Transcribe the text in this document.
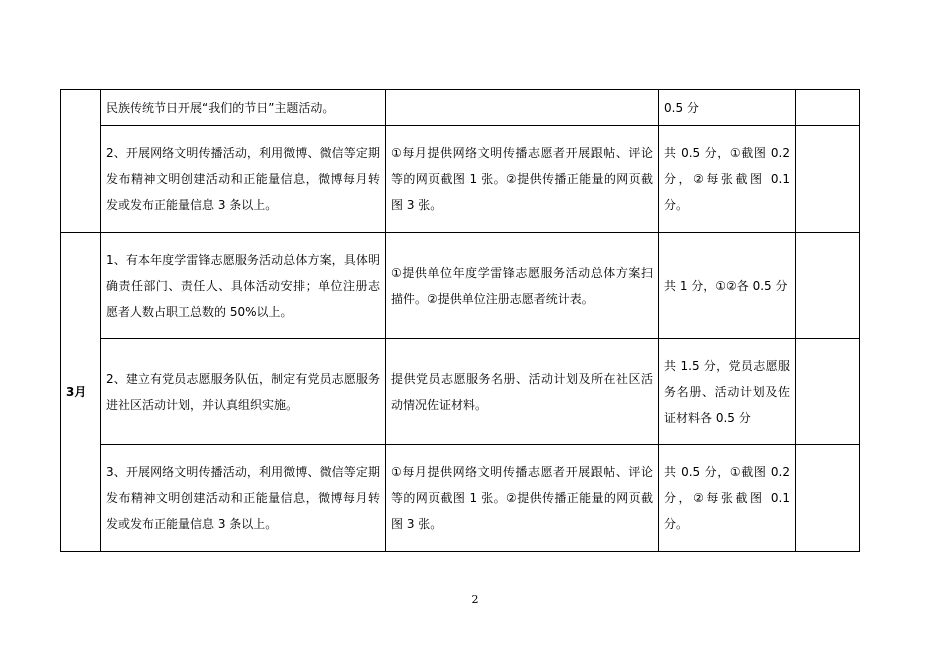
	民族传统节日开展“我们的节日”主题活动。		0.5 分	
	2、开展网络文明传播活动，利用微博、微信等定期发布精神文明创建活动和正能量信息，微博每月转发或发布正能量信息 3 条以上。	①每月提供网络文明传播志愿者开展跟帖、评论等的网页截图 1 张。②提供传播正能量的网页截图 3 张。	共 0.5 分，①截图 0.2 分，②每张截图 0.1 分。	
3月	1、有本年度学雷锋志愿服务活动总体方案，具体明确责任部门、责任人、具体活动安排；单位注册志愿者人数占职工总数的 50%以上。	①提供单位年度学雷锋志愿服务活动总体方案扫描件。②提供单位注册志愿者统计表。	共 1 分，①②各 0.5 分	
	2、建立有党员志愿服务队伍，制定有党员志愿服务进社区活动计划，并认真组织实施。	提供党员志愿服务名册、活动计划及所在社区活动情况佐证材料。	共 1.5 分，党员志愿服务名册、活动计划及佐证材料各 0.5 分	
	3、开展网络文明传播活动，利用微博、微信等定期发布精神文明创建活动和正能量信息，微博每月转发或发布正能量信息 3 条以上。	①每月提供网络文明传播志愿者开展跟帖、评论等的网页截图 1 张。②提供传播正能量的网页截图 3 张。	共 0.5 分，①截图 0.2 分，②每张截图 0.1 分。	
2
